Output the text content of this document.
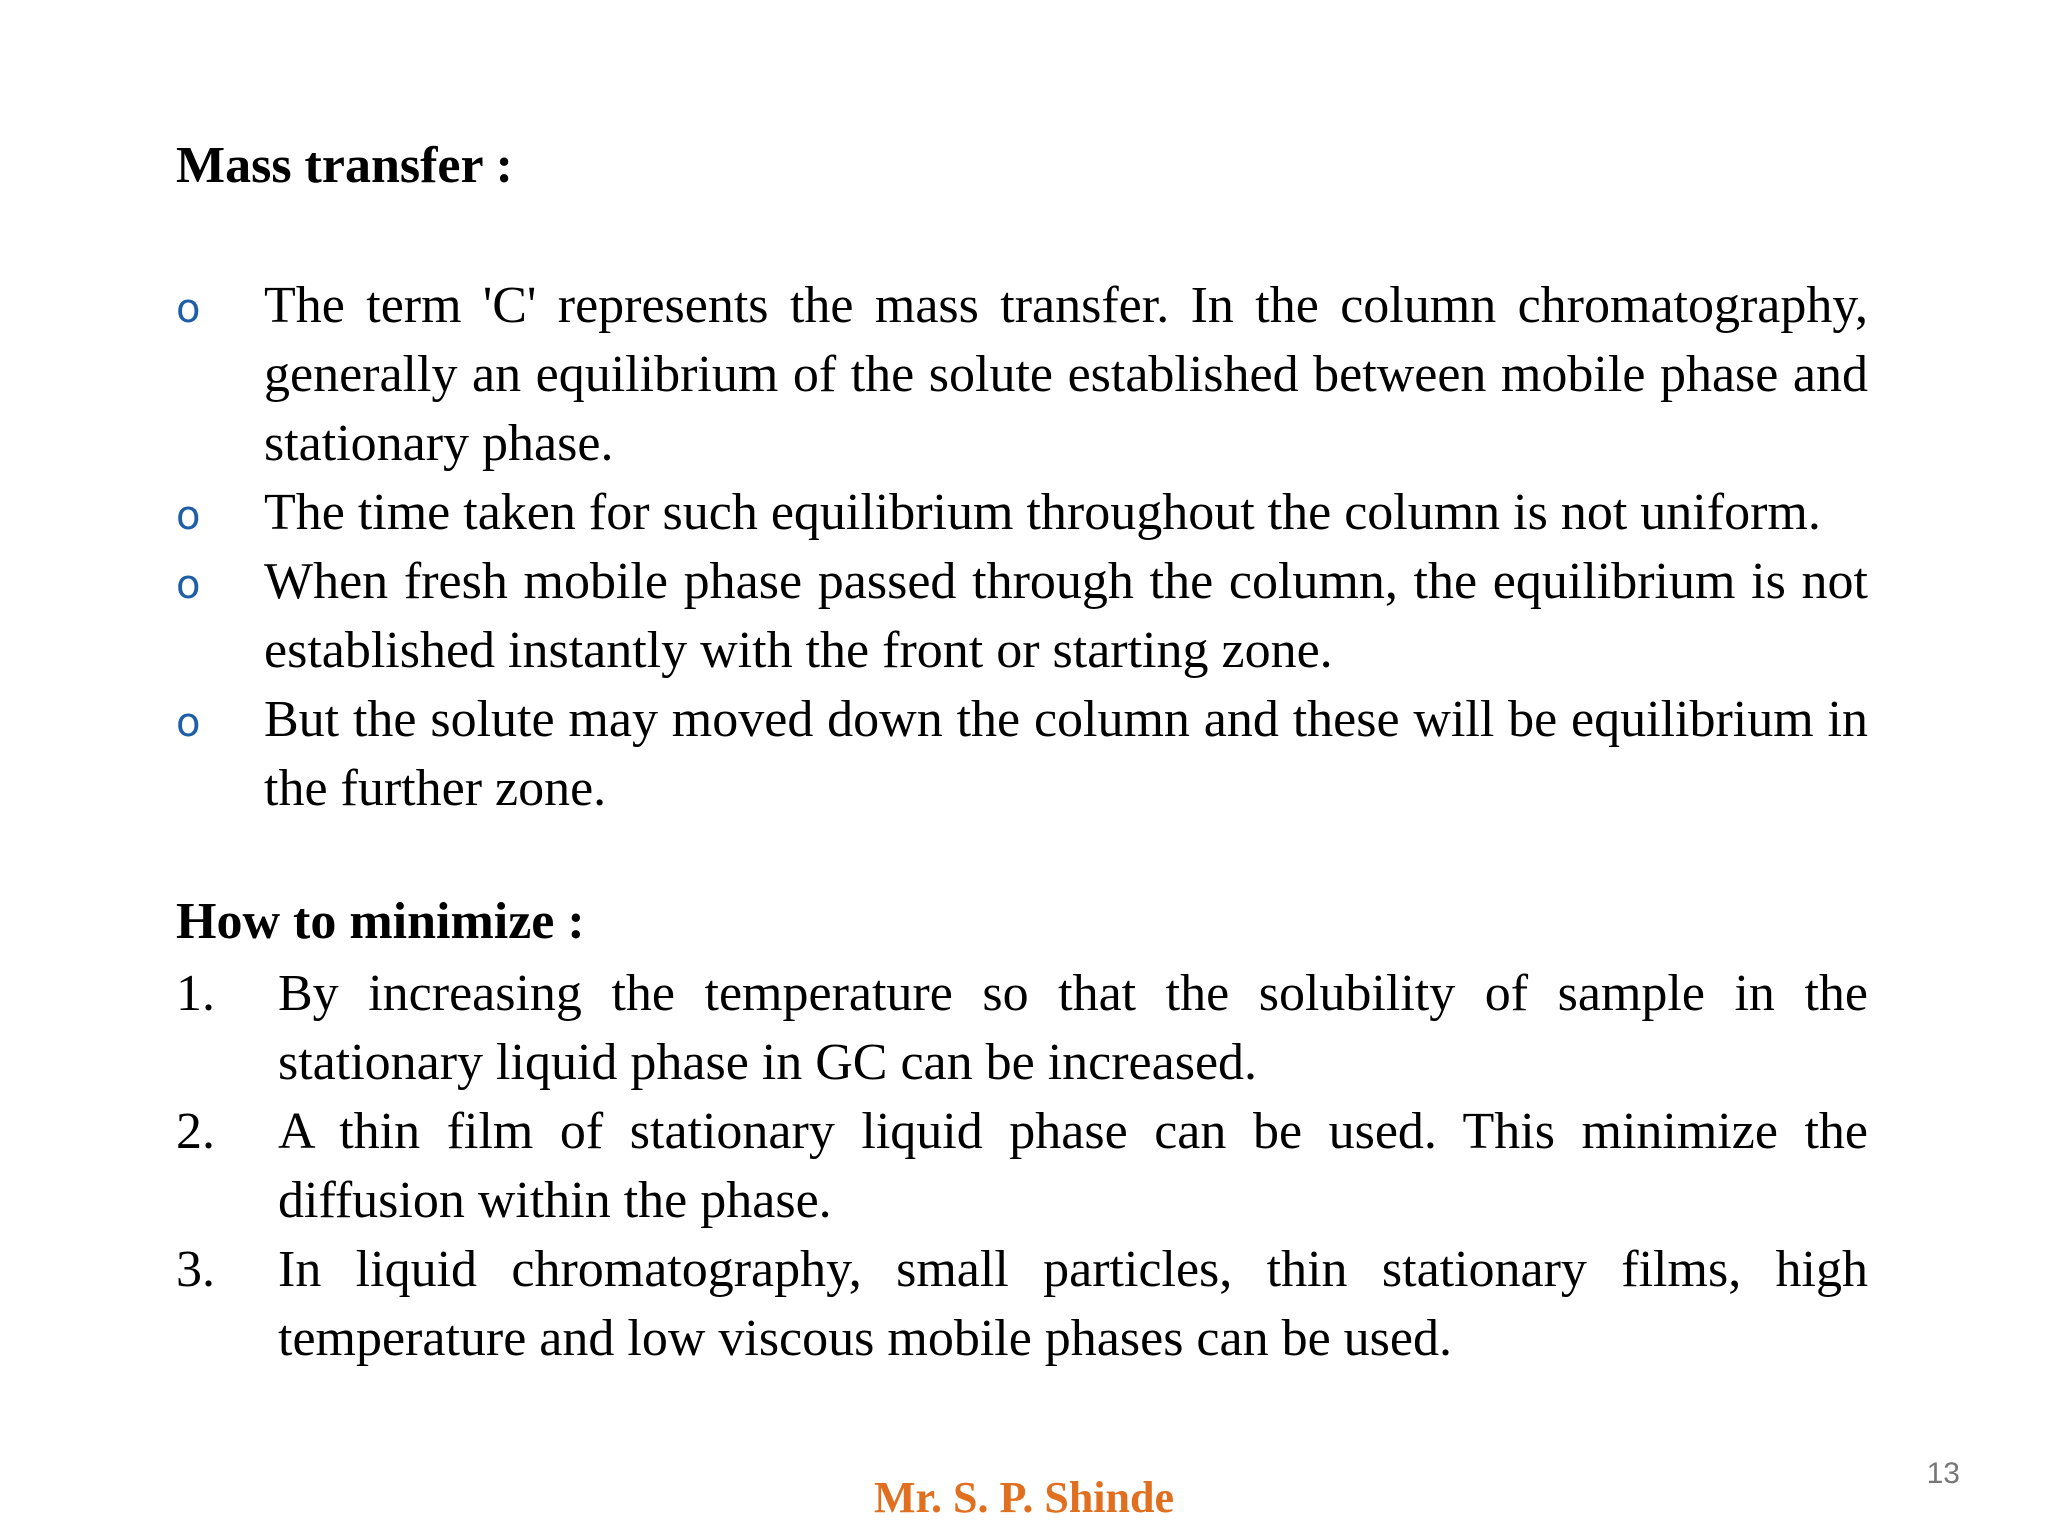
Mass transfer :
o The term 'C' represents the mass transfer. In the column chromatography, generally an equilibrium of the solute established between mobile phase and stationary phase.
o The time taken for such equilibrium throughout the column is not uniform.
o When fresh mobile phase passed through the column, the equilibrium is not established instantly with the front or starting zone.
o But the solute may moved down the column and these will be equilibrium in the further zone.
How to minimize :
1. By increasing the temperature so that the solubility of sample in the stationary liquid phase in GC can be increased.
2. A thin film of stationary liquid phase can be used. This minimize the diffusion within the phase.
3. In liquid chromatography, small particles, thin stationary films, high temperature and low viscous mobile phases can be used.
Mr. S. P. Shinde	13
